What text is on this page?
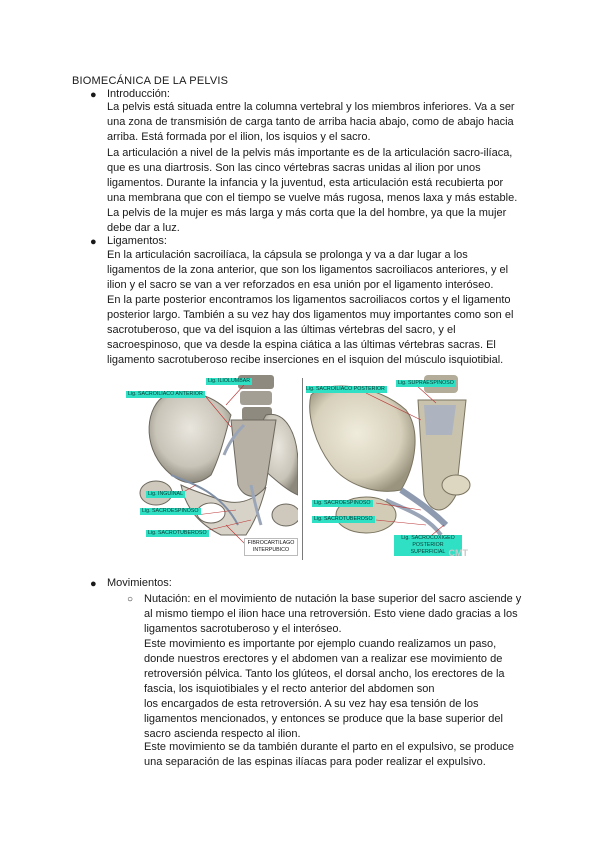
BIOMECÁNICA DE LA PELVIS
● Introducción:

La pelvis está situada entre la columna vertebral y los miembros inferiores. Va a ser una zona de transmisión de carga tanto de arriba hacia abajo, como de abajo hacia arriba. Está formada por el ilion, los isquios y el sacro.

La articulación a nivel de la pelvis más importante es de la articulación sacro-ilíaca, que es una diartrosis. Son las cinco vértebras sacras unidas al ilion por unos ligamentos. Durante la infancia y la juventud, esta articulación está recubierta por una membrana que con el tiempo se vuelve más rugosa, menos laxa y más estable.

La pelvis de la mujer es más larga y más corta que la del hombre, ya que la mujer debe dar a luz.

● Ligamentos:

En la articulación sacroilíaca, la cápsula se prolonga y va a dar lugar a los ligamentos de la zona anterior, que son los ligamentos sacroiliacos anteriores, y el ilion y el sacro se van a ver reforzados en esa unión por el ligamento interóseo.

En la parte posterior encontramos los ligamentos sacroiliacos cortos y el ligamento posterior largo. También a su vez hay dos ligamentos muy importantes como son el sacrotuberoso, que va del isquion a las últimas vértebras del sacro, y el sacroespinoso, que va desde la espina ciática a las últimas vértebras sacras. El ligamento sacrotuberoso recibe inserciones en el isquion del músculo isquiotibial.

Lig. ILIOLUMBAR
Lig. SACROILIACO ANTERIOR
Lig. INGUINAL
Lig. SACROESPINOSO
Lig. SACROTUBEROSO
FIBROCARTILAGO INTERPUBICO
Lig. SACROILIACO POSTERIOR
Lig. SUPRAESPINOSO
Lig. SACROESPINOSO
Lig. SACROTUBEROSO
Lig. SACROCOXIGEO POSTERIOR SUPERFICIAL CMT
● Movimientos:
○ Nutación: en el movimiento de nutación la base superior del sacro asciende y al mismo tiempo el ilion hace una retroversión. Esto viene dado gracias a los ligamentos sacrotuberoso y el interóseo.

Este movimiento es importante por ejemplo cuando realizamos un paso, donde nuestros erectores y el abdomen van a realizar ese movimiento de retroversión pélvica. Tanto los glúteos, el dorsal ancho, los erectores de la fascia, los isquiotibiales y el recto anterior del abdomen son

los encargados de esta retroversión. A su vez hay esa tensión de los ligamentos mencionados, y entonces se produce que la base superior del sacro ascienda respecto al ilion.

Este movimiento se da también durante el parto en el expulsivo, se produce una separación de las espinas ilíacas para poder realizar el expulsivo.
